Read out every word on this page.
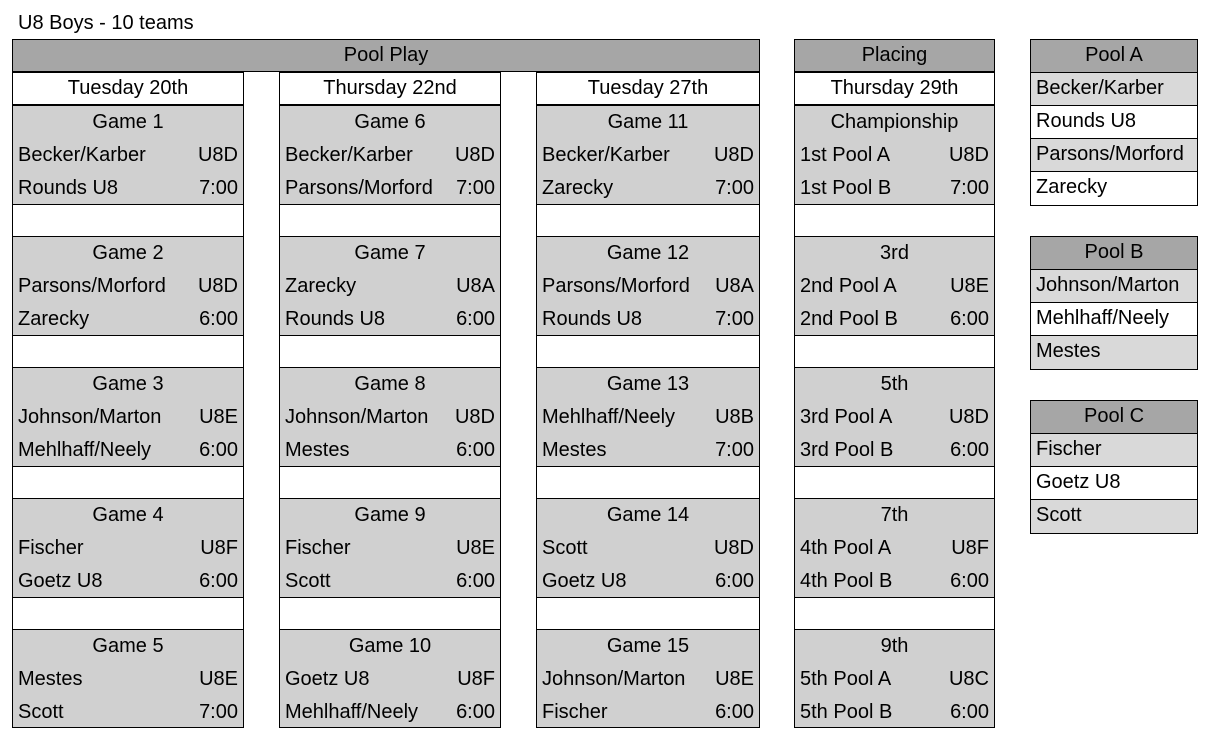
U8 Boys - 10 teams
Pool Play	Placing
Tuesday 20th
Game 1
Becker/Karber	U8D
Rounds U8	7:00
Game 2
Parsons/Morford U8D
Zarecky	6:00
Game 3
Johnson/Marton U8E
Mehlhaff/Neely 6:00
Game 4
Fischer	U8F
Goetz U8	6:00
Game 5
Mestes	U8E
Scott	7:00
Thursday 22nd
Game 6
Becker/Karber U8D
Parsons/Morford 7:00
Game 7
Zarecky	U8A
Rounds U8	6:00
Game 8
Johnson/Marton U8D
Mestes	6:00
Game 9
Fischer	U8E
Scott	6:00
Game 10
Goetz U8	U8F
Mehlhaff/Neely 6:00
Tuesday 27th
Game 11
Becker/Karber U8D
Zarecky	7:00
Game 12
Parsons/Morford U8A
Rounds U8	7:00
Game 13
Mehlhaff/Neely U8B
Mestes	7:00
Game 14
Scott	U8D
Goetz U8	6:00
Game 15
Johnson/Marton U8E
Fischer	6:00
Thursday 29th
Championship
1st Pool A	U8D
1st Pool B	7:00
3rd
2nd Pool A	U8E
2nd Pool B	6:00
5th
3rd Pool A	U8D
3rd Pool B	6:00
7th
4th Pool A	U8F
4th Pool B	6:00
9th
5th Pool A	U8C
5th Pool B	6:00
Pool A
Becker/Karber
Rounds U8
Parsons/Morford
Zarecky
Pool B
Johnson/Marton
Mehlhaff/Neely
Mestes
Pool C
Fischer
Goetz U8
Scott
